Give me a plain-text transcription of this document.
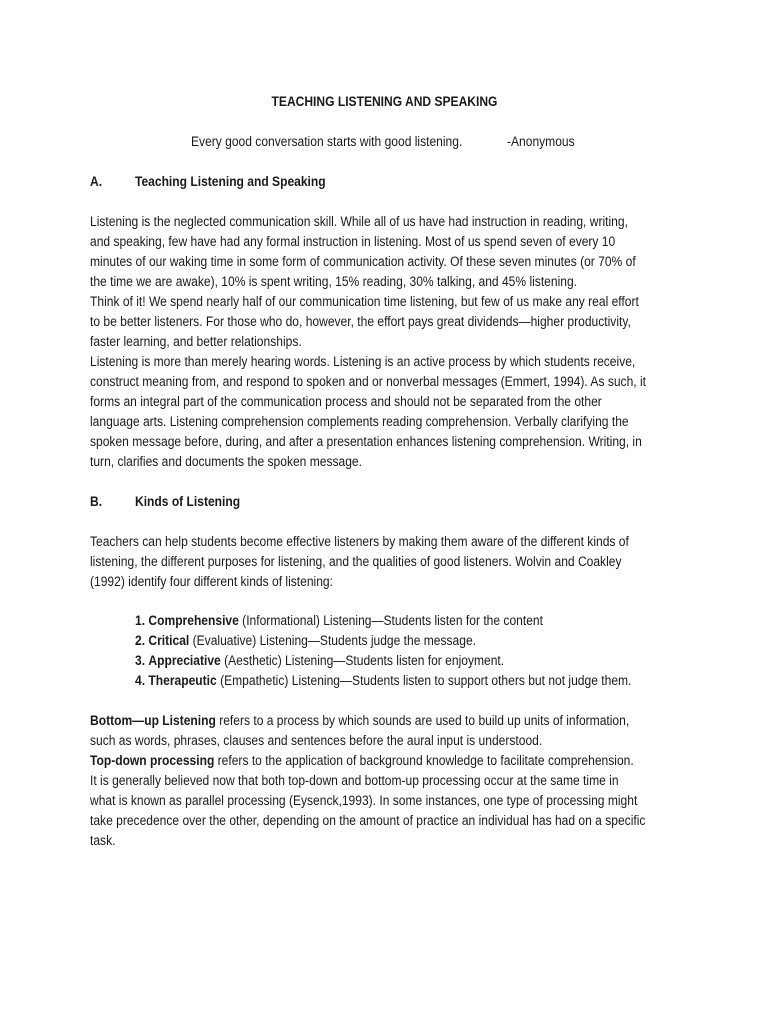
TEACHING LISTENING AND SPEAKING
Every good conversation starts with good listening.	-Anonymous
A. Teaching Listening and Speaking
Listening is the neglected communication skill. While all of us have had instruction in reading, writing,
and speaking, few have had any formal instruction in listening. Most of us spend seven of every 10
minutes of our waking time in some form of communication activity. Of these seven minutes (or 70% of
the time we are awake), 10% is spent writing, 15% reading, 30% talking, and 45% listening.
Think of it! We spend nearly half of our communication time listening, but few of us make any real effort
to be better listeners. For those who do, however, the effort pays great dividends—higher productivity,
faster learning, and better relationships.
Listening is more than merely hearing words. Listening is an active process by which students receive,
construct meaning from, and respond to spoken and or nonverbal messages (Emmert, 1994). As such, it
forms an integral part of the communication process and should not be separated from the other
language arts. Listening comprehension complements reading comprehension. Verbally clarifying the
spoken message before, during, and after a presentation enhances listening comprehension. Writing, in
turn, clarifies and documents the spoken message.
B. Kinds of Listening
Teachers can help students become effective listeners by making them aware of the different kinds of
listening, the different purposes for listening, and the qualities of good listeners. Wolvin and Coakley
(1992) identify four different kinds of listening:
1. Comprehensive (Informational) Listening—Students listen for the content
2. Critical (Evaluative) Listening—Students judge the message.
3. Appreciative (Aesthetic) Listening—Students listen for enjoyment.
4. Therapeutic (Empathetic) Listening—Students listen to support others but not judge them.
Bottom—up Listening refers to a process by which sounds are used to build up units of information,
such as words, phrases, clauses and sentences before the aural input is understood.
Top-down processing refers to the application of background knowledge to facilitate comprehension.
It is generally believed now that both top-down and bottom-up processing occur at the same time in
what is known as parallel processing (Eysenck,1993). In some instances, one type of processing might
take precedence over the other, depending on the amount of practice an individual has had on a specific
task.
